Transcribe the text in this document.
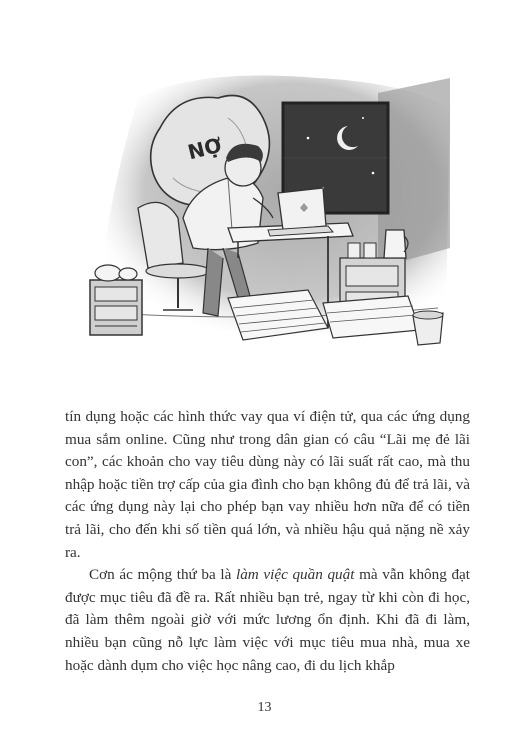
NỢ

tín dụng hoặc các hình thức vay qua ví điện tử, qua các ứng dụng mua sắm online. Cũng như trong dân gian có câu “Lãi mẹ đẻ lãi con”, các khoản cho vay tiêu dùng này có lãi suất rất cao, mà thu nhập hoặc tiền trợ cấp của gia đình cho bạn không đủ để trả lãi, và các ứng dụng này lại cho phép bạn vay nhiều hơn nữa để có tiền trả lãi, cho đến khi số tiền quá lớn, và nhiều hậu quả nặng nề xảy ra.

Cơn ác mộng thứ ba là làm việc quần quật mà vẫn không đạt được mục tiêu đã đề ra. Rất nhiều bạn trẻ, ngay từ khi còn đi học, đã làm thêm ngoài giờ với mức lương ổn định. Khi đã đi làm, nhiều bạn cũng nỗ lực làm việc với mục tiêu mua nhà, mua xe hoặc dành dụm cho việc học nâng cao, đi du lịch khắp

13
